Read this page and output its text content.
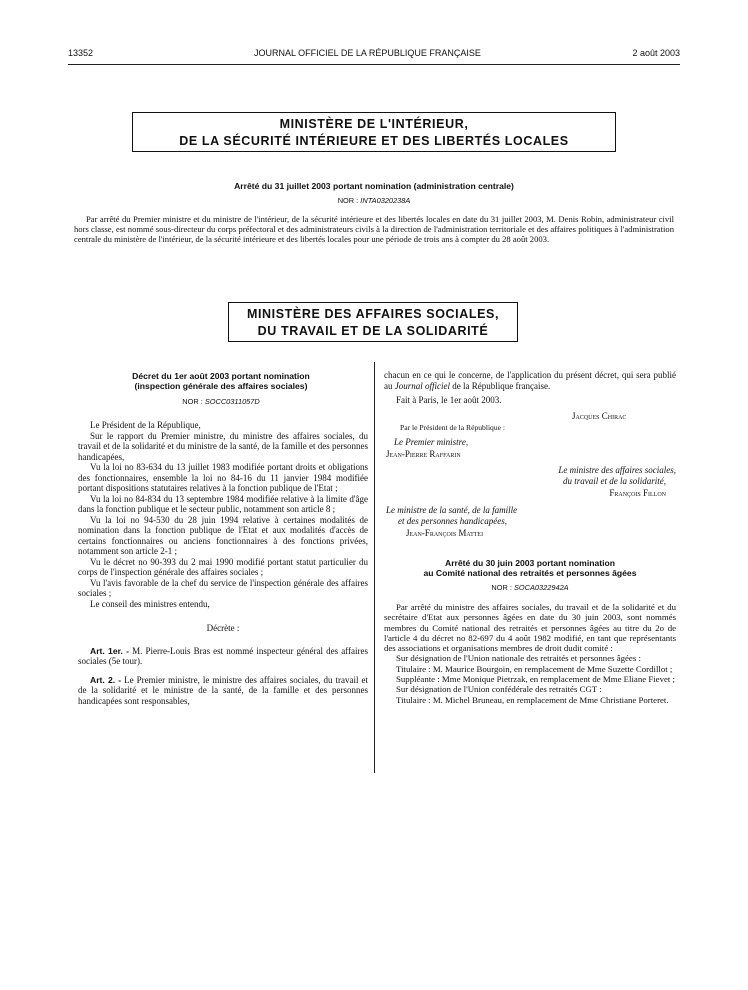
13352	JOURNAL OFFICIEL DE LA RÉPUBLIQUE FRANÇAISE	2 août 2003
MINISTÈRE DE L'INTÉRIEUR,
DE LA SÉCURITÉ INTÉRIEURE ET DES LIBERTÉS LOCALES
Arrêté du 31 juillet 2003 portant nomination (administration centrale)
NOR : INTA0320238A

Par arrêté du Premier ministre et du ministre de l'intérieur, de la sécurité intérieure et des libertés locales en date du 31 juillet 2003, M. Denis Robin, administrateur civil hors classe, est nommé sous-directeur du corps préfectoral et des administrateurs civils à la direction de l'administration territoriale et des affaires politiques à l'administration centrale du ministère de l'intérieur, de la sécurité intérieure et des libertés locales pour une période de trois ans à compter du 28 août 2003.

MINISTÈRE DES AFFAIRES SOCIALES,
DU TRAVAIL ET DE LA SOLIDARITÉ
Décret du 1er août 2003 portant nomination
(inspection générale des affaires sociales)
NOR : SOCC0311057D

Le Président de la République,

Sur le rapport du Premier ministre, du ministre des affaires sociales, du travail et de la solidarité et du ministre de la santé, de la famille et des personnes handicapées,

Vu la loi no 83-634 du 13 juillet 1983 modifiée portant droits et obligations des fonctionnaires, ensemble la loi no 84-16 du 11 janvier 1984 modifiée portant dispositions statutaires relatives à la fonction publique de l'Etat ;

Vu la loi no 84-834 du 13 septembre 1984 modifiée relative à la limite d'âge dans la fonction publique et le secteur public, notamment son article 8 ;

Vu la loi no 94-530 du 28 juin 1994 relative à certaines modalités de nomination dans la fonction publique de l'Etat et aux modalités d'accès de certains fonctionnaires ou anciens fonctionnaires à des fonctions privées, notamment son article 2-1 ;

Vu le décret no 90-393 du 2 mai 1990 modifié portant statut particulier du corps de l'inspection générale des affaires sociales ;

Vu l'avis favorable de la chef du service de l'inspection générale des affaires sociales ;

Le conseil des ministres entendu,

Décrète :

Art. 1er. - M. Pierre-Louis Bras est nommé inspecteur général des affaires sociales (5e tour).

Art. 2. - Le Premier ministre, le ministre des affaires sociales, du travail et de la solidarité et le ministre de la santé, de la famille et des personnes handicapées sont responsables,

chacun en ce qui le concerne, de l'application du présent décret, qui sera publié au Journal officiel de la République française.

Fait à Paris, le 1er août 2003.

Jacques Chirac
Par le Président de la République :
Le Premier ministre,
Jean-Pierre Raffarin
Le ministre des affaires sociales,
du travail et de la solidarité,
François Fillon
Le ministre de la santé, de la famille
et des personnes handicapées,
Jean-François Mattei
Arrêté du 30 juin 2003 portant nomination
au Comité national des retraités et personnes âgées
NOR : SOCA0322942A

Par arrêté du ministre des affaires sociales, du travail et de la solidarité et du secrétaire d'Etat aux personnes âgées en date du 30 juin 2003, sont nommés membres du Comité national des retraités et personnes âgées au titre du 2o de l'article 4 du décret no 82-697 du 4 août 1982 modifié, en tant que représentants des associations et organisations membres de droit dudit comité :

Sur désignation de l'Union nationale des retraités et personnes âgées :

Titulaire : M. Maurice Bourgoin, en remplacement de Mme Suzette Cordillot ;

Suppléante : Mme Monique Pietrzak, en remplacement de Mme Eliane Fievet ;

Sur désignation de l'Union confédérale des retraités CGT :

Titulaire : M. Michel Bruneau, en remplacement de Mme Christiane Porteret.
